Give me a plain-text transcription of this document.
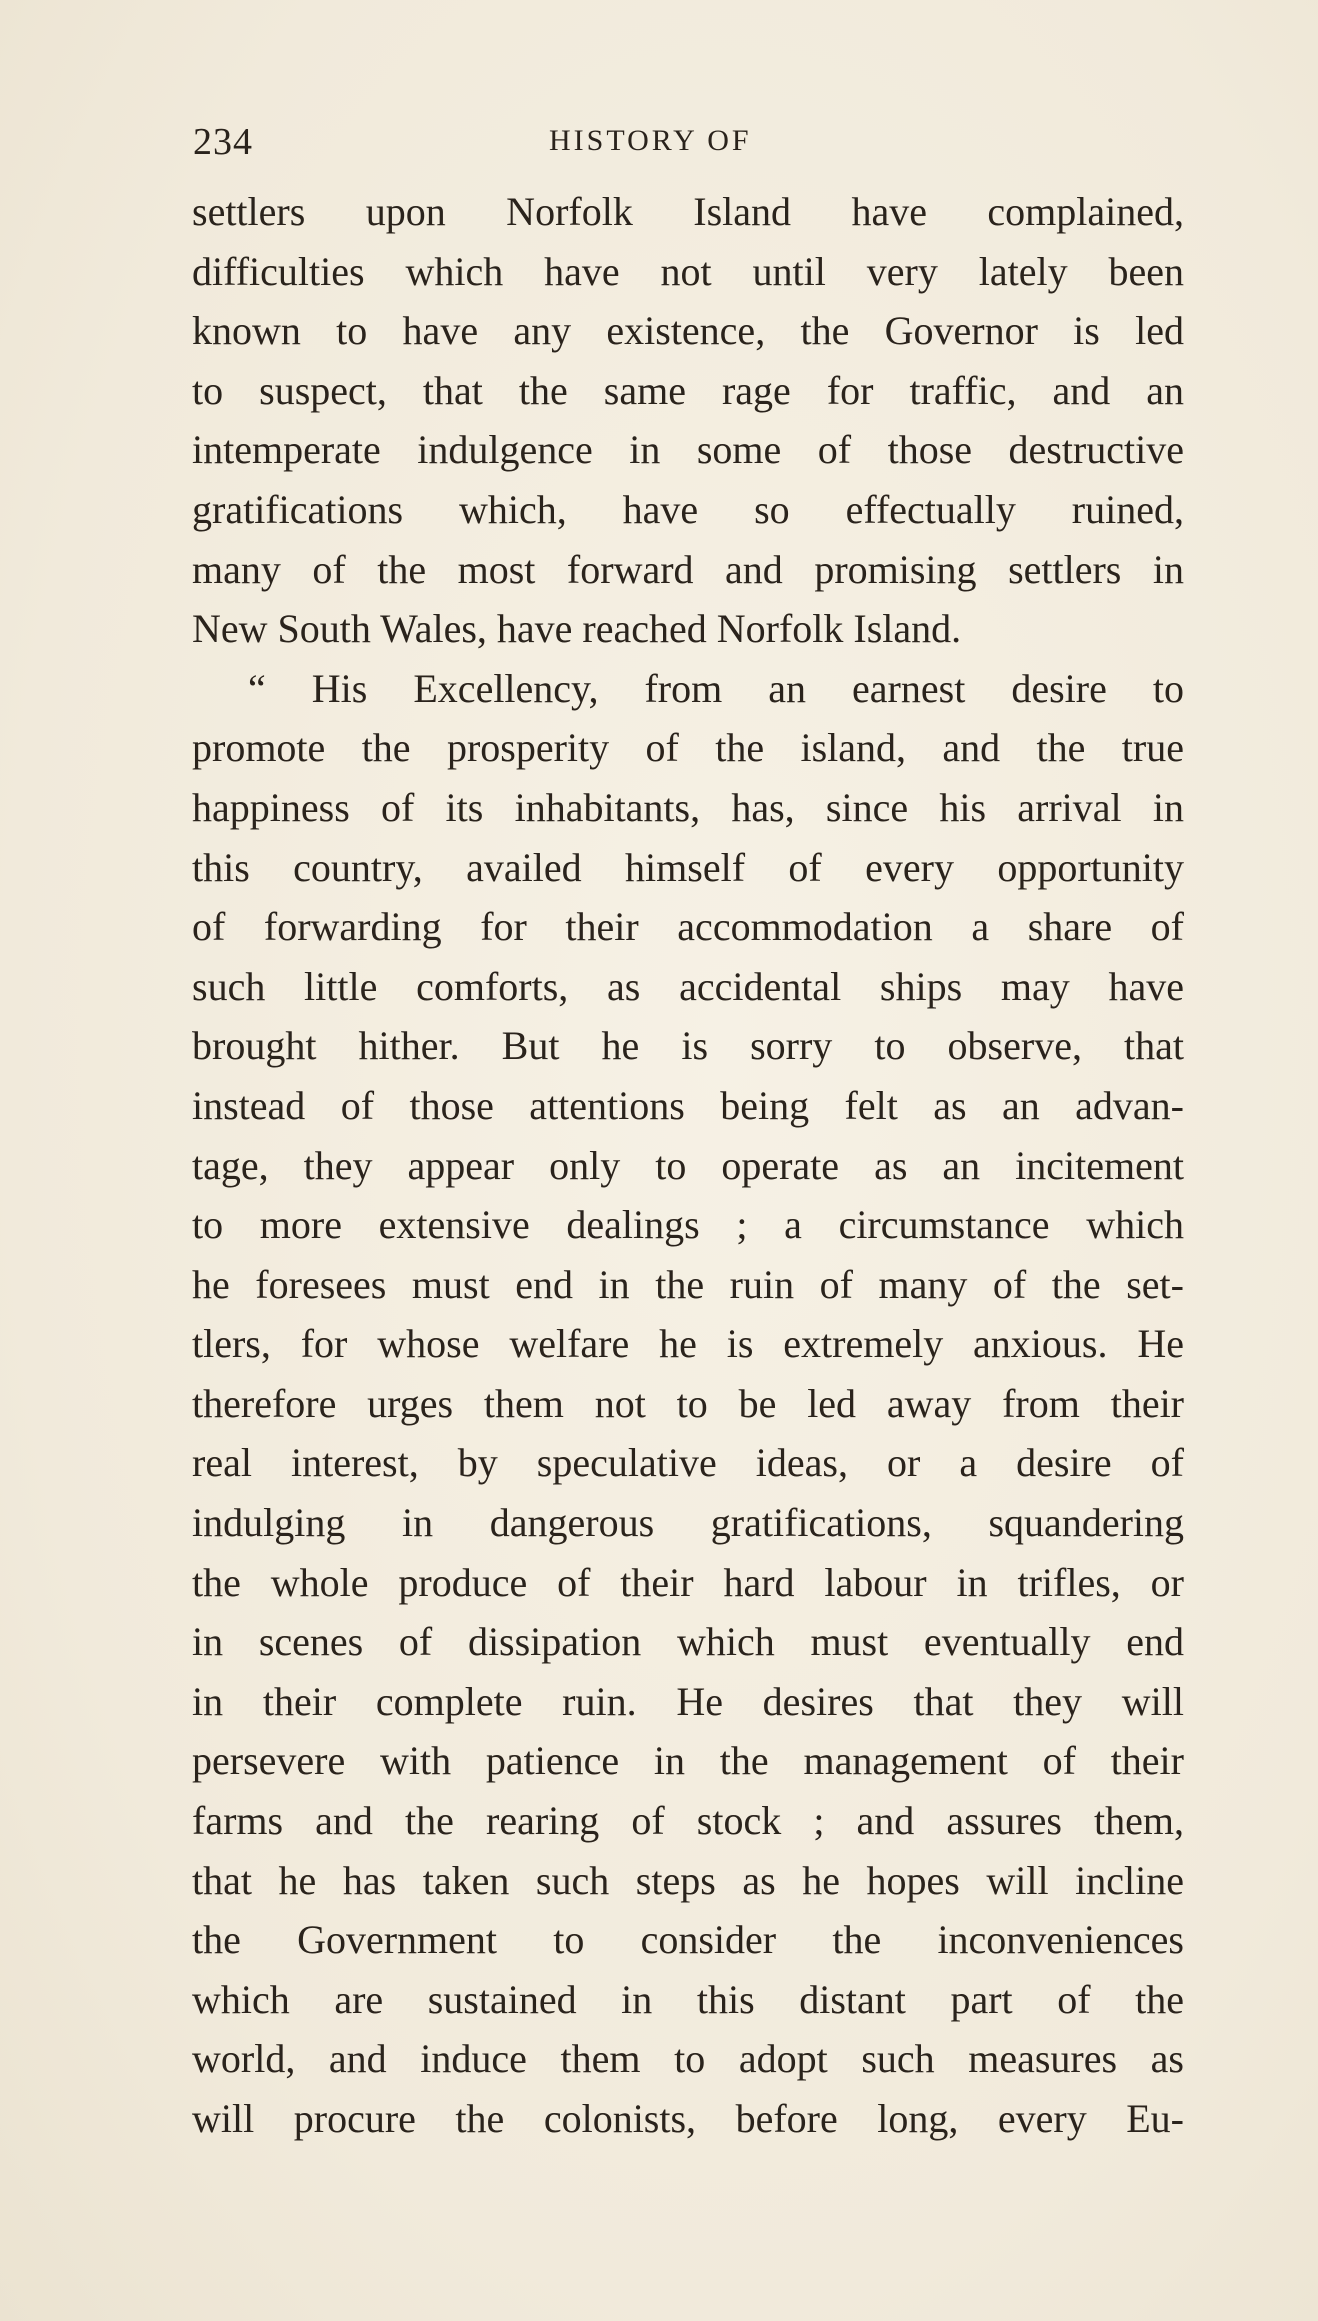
234	HISTORY OF
settlers upon Norfolk Island have complained,
difficulties which have not until very lately been
known to have any existence, the Governor is led
to suspect, that the same rage for traffic, and an
intemperate indulgence in some of those destructive
gratifications which, have so effectually ruined,
many of the most forward and promising settlers in
New South Wales, have reached Norfolk Island.
“ His Excellency, from an earnest desire to
promote the prosperity of the island, and the true
happiness of its inhabitants, has, since his arrival in
this country, availed himself of every opportunity
of forwarding for their accommodation a share of
such little comforts, as accidental ships may have
brought hither. But he is sorry to observe, that
instead of those attentions being felt as an advan-
tage, they appear only to operate as an incitement
to more extensive dealings ; a circumstance which
he foresees must end in the ruin of many of the set-
tlers, for whose welfare he is extremely anxious. He
therefore urges them not to be led away from their
real interest, by speculative ideas, or a desire of
indulging in dangerous gratifications, squandering
the whole produce of their hard labour in trifles, or
in scenes of dissipation which must eventually end
in their complete ruin. He desires that they will
persevere with patience in the management of their
farms and the rearing of stock ; and assures them,
that he has taken such steps as he hopes will incline
the Government to consider the inconveniences
which are sustained in this distant part of the
world, and induce them to adopt such measures as
will procure the colonists, before long, every Eu-
